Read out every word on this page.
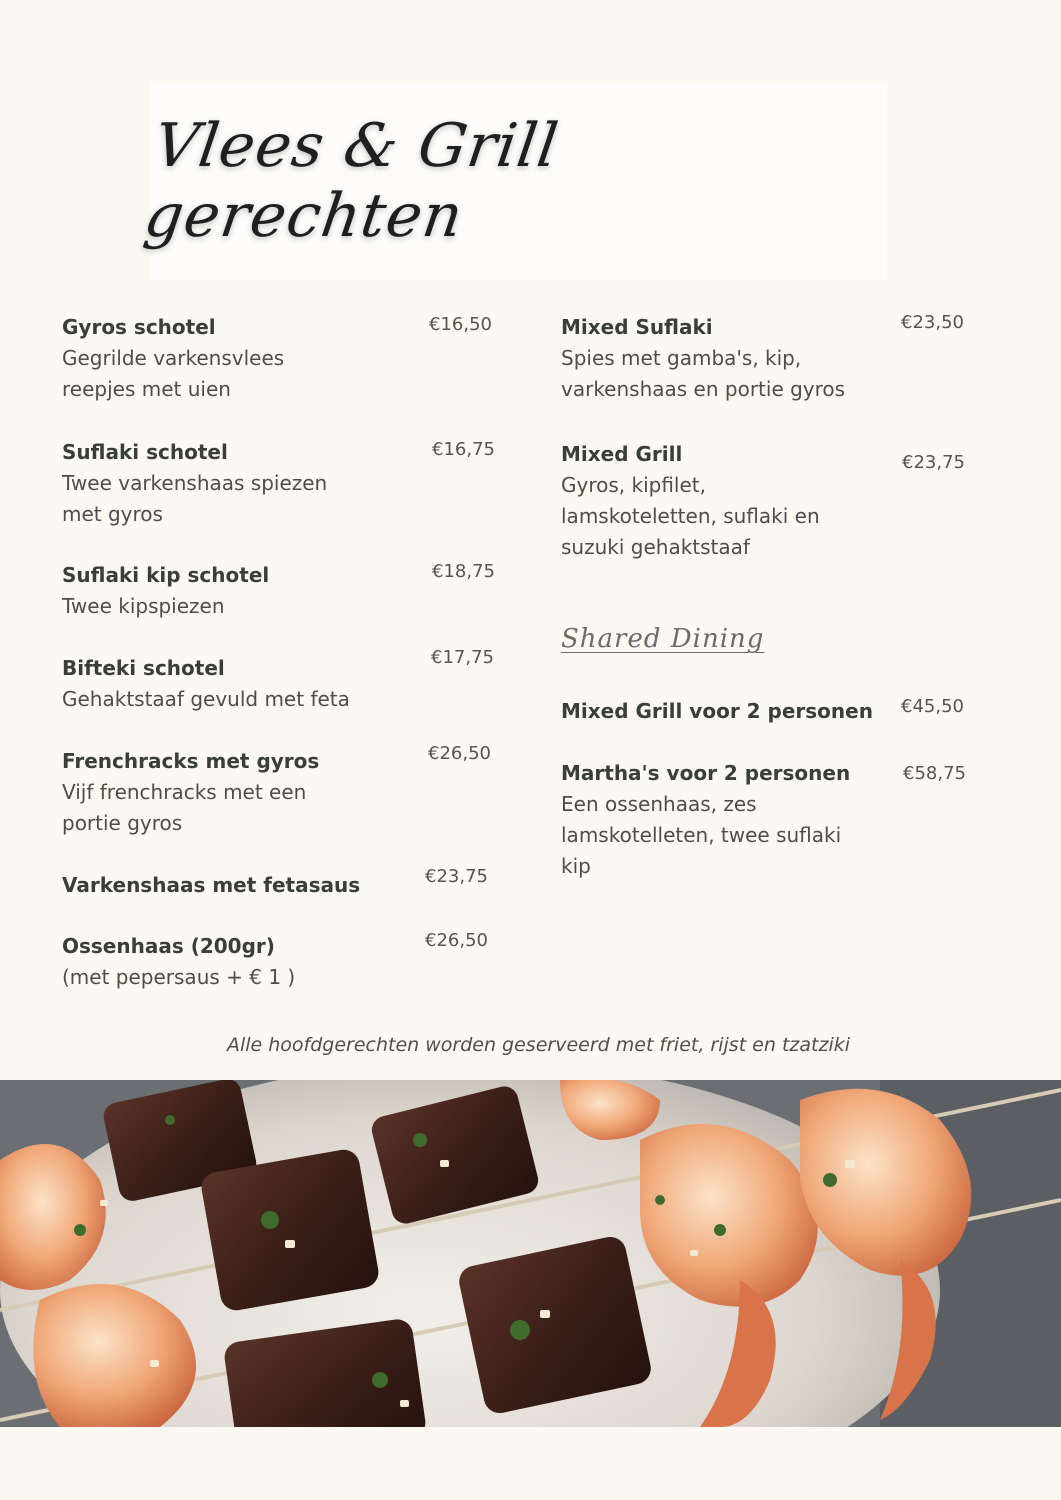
Vlees & Grill gerechten
Gyros schotel
Gegrilde varkensvlees
reepjes met uien
€16,50
Suflaki schotel
Twee varkenshaas spiezen
met gyros
€16,75
Suflaki kip schotel
Twee kipspiezen
€18,75
Bifteki schotel
Gehaktstaaf gevuld met feta
€17,75
Frenchracks met gyros
Vijf frenchracks met een
portie gyros
€26,50
Varkenshaas met fetasaus	€23,75
Ossenhaas (200gr)
(met pepersaus + € 1 )
€26,50
Mixed Suflaki
Spies met gamba's, kip,
varkenshaas en portie gyros
€23,50
Mixed Grill
Gyros, kipfilet,
lamskoteletten, suflaki en
suzuki gehaktstaaf
€23,75
Shared Dining
Mixed Grill voor 2 personen €45,50
Martha's voor 2 personen
Een ossenhaas, zes
lamskotelleten, twee suflaki
kip
€58,75
Alle hoofdgerechten worden geserveerd met friet, rijst en tzatziki
